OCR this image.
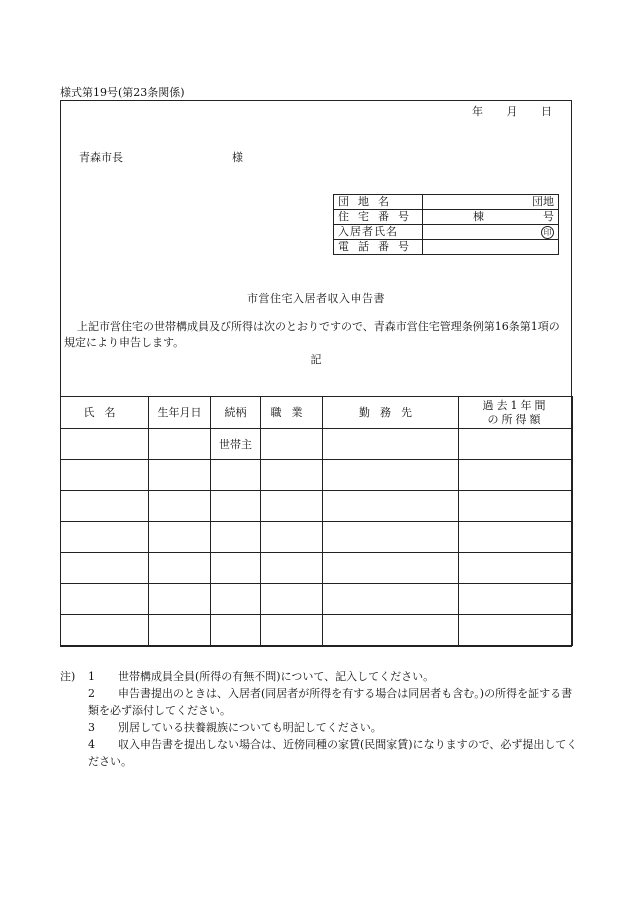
様式第19号(第23条関係)
年 月 日
青森市長	様
団地名	団地
住宅番号	棟 号
入居者氏名	印
電話番号	
市営住宅入居者収入申告書
上記市営住宅の世帯構成員及び所得は次のとおりですので、青森市営住宅管理条例第16条第1項の規定により申告します。
記
氏名	生年月日	続柄	職業	勤務先	過去1年間
の所得額

		世帯主			

注)	1 世帯構成員全員(所得の有無不問)について、記入してください。
2 申告書提出のときは、入居者(同居者が所得を有する場合は同居者も含む。)の所得を証する書類を必ず添付してください。
3 別居している扶養親族についても明記してください。
4 収入申告書を提出しない場合は、近傍同種の家賃(民間家賃)になりますので、必ず提出してください。
